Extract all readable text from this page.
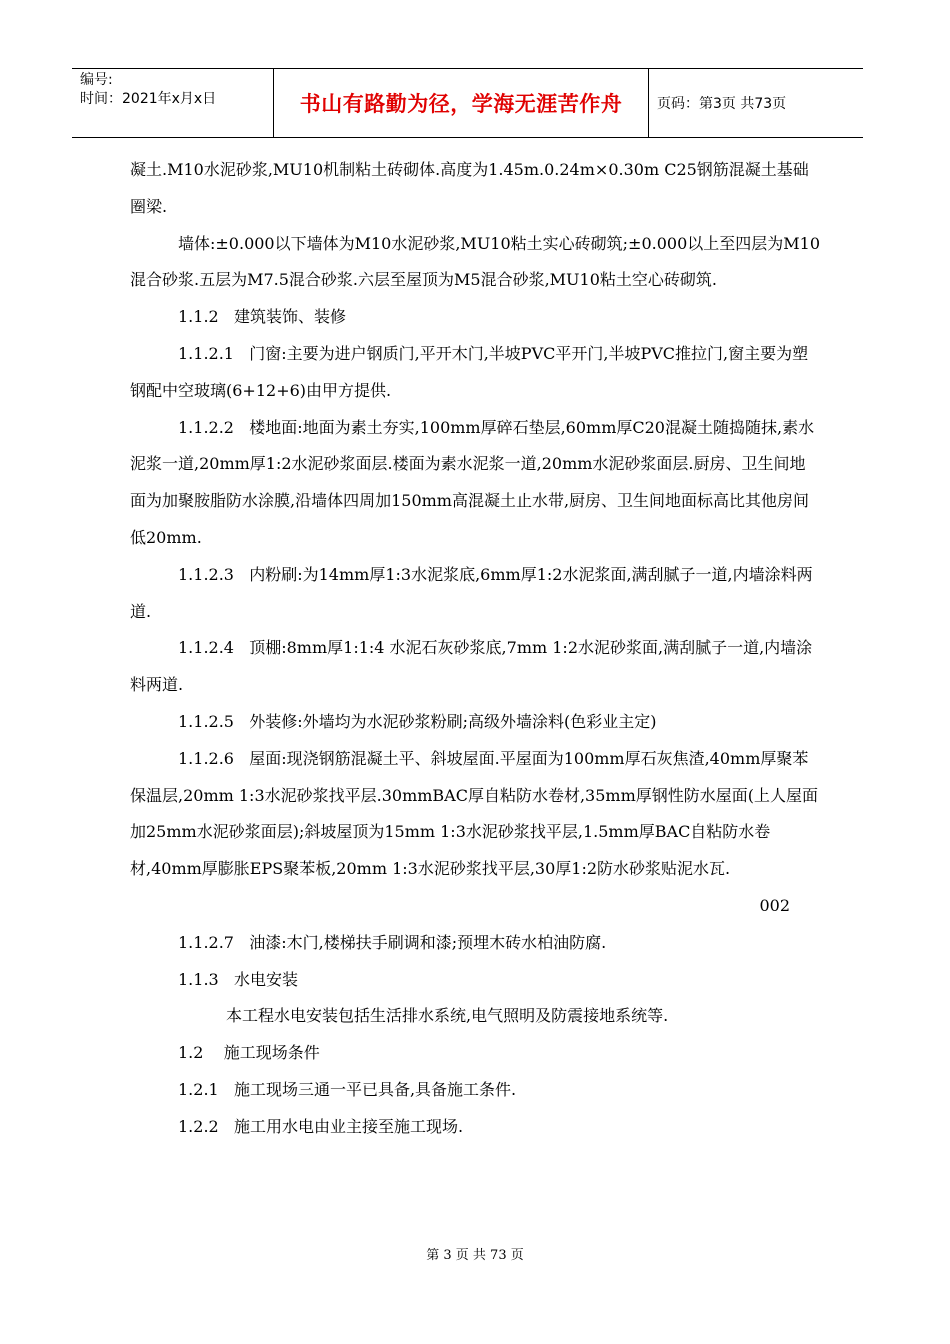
编号:
时间：2021年x月x日	书山有路勤为径，学海无涯苦作舟 页码：第3页 共73页

凝土.M10水泥砂浆,MU10机制粘土砖砌体.高度为1.45m.0.24m×0.30m C25钢筋混凝土基础圈梁.

墙体:±0.000以下墙体为M10水泥砂浆,MU10粘土实心砖砌筑;±0.000以上至四层为M10混合砂浆.五层为M7.5混合砂浆.六层至屋顶为M5混合砂浆,MU10粘土空心砖砌筑.

1.1.2   建筑装饰、装修

1.1.2.1   门窗:主要为进户钢质门,平开木门,半坡PVC平开门,半坡PVC推拉门,窗主要为塑钢配中空玻璃(6+12+6)由甲方提供.

1.1.2.2   楼地面:地面为素土夯实,100mm厚碎石垫层,60mm厚C20混凝土随捣随抹,素水泥浆一道,20mm厚1:2水泥砂浆面层.楼面为素水泥浆一道,20mm水泥砂浆面层.厨房、卫生间地面为加聚胺脂防水涂膜,沿墙体四周加150mm高混凝土止水带,厨房、卫生间地面标高比其他房间低20mm.

1.1.2.3   内粉刷:为14mm厚1:3水泥浆底,6mm厚1:2水泥浆面,满刮腻子一道,内墙涂料两道.

1.1.2.4   顶棚:8mm厚1:1:4 水泥石灰砂浆底,7mm 1:2水泥砂浆面,满刮腻子一道,内墙涂料两道.

1.1.2.5   外装修:外墙均为水泥砂浆粉刷;高级外墙涂料(色彩业主定)

1.1.2.6   屋面:现浇钢筋混凝土平、斜坡屋面.平屋面为100mm厚石灰焦渣,40mm厚聚苯保温层,20mm 1:3水泥砂浆找平层.30mmBAC厚自粘防水卷材,35mm厚钢性防水屋面(上人屋面加25mm水泥砂浆面层);斜坡屋顶为15mm 1:3水泥砂浆找平层,1.5mm厚BAC自粘防水卷材,40mm厚膨胀EPS聚苯板,20mm 1:3水泥砂浆找平层,30厚1:2防水砂浆贴泥水瓦.

002

1.1.2.7   油漆:木门,楼梯扶手刷调和漆;预埋木砖水柏油防腐.

1.1.3   水电安装

本工程水电安装包括生活排水系统,电气照明及防震接地系统等.

1.2    施工现场条件

1.2.1   施工现场三通一平已具备,具备施工条件.

1.2.2   施工用水电由业主接至施工现场.

第 3 页 共 73 页
